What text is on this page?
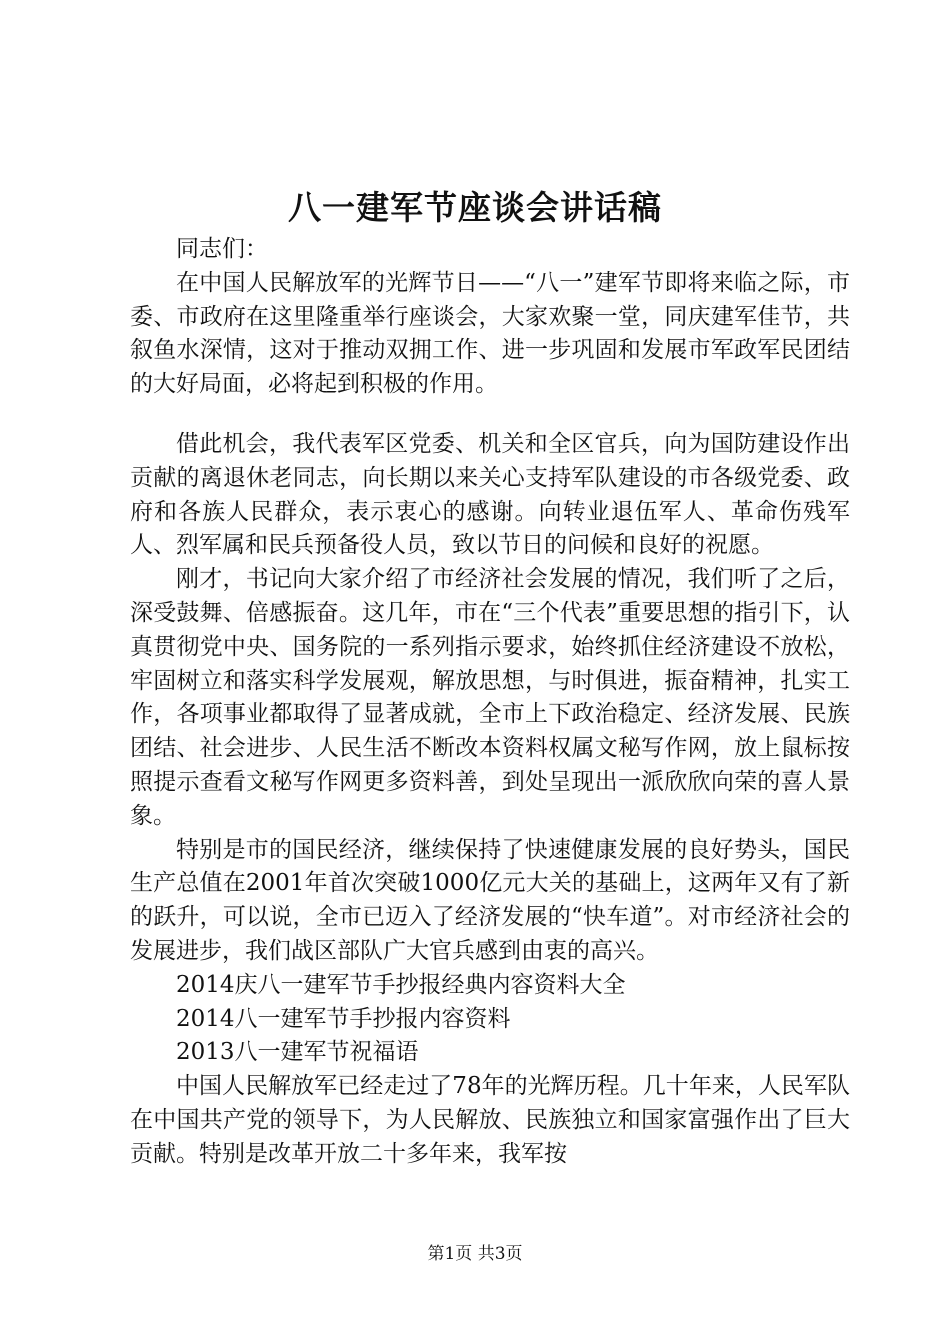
八一建军节座谈会讲话稿

同志们：

在中国人民解放军的光辉节日——“八一”建军节即将来临之际，市委、市政府在这里隆重举行座谈会，大家欢聚一堂，同庆建军佳节，共叙鱼水深情，这对于推动双拥工作、进一步巩固和发展市军政军民团结的大好局面，必将起到积极的作用。

借此机会，我代表军区党委、机关和全区官兵，向为国防建设作出贡献的离退休老同志，向长期以来关心支持军队建设的市各级党委、政府和各族人民群众，表示衷心的感谢。向转业退伍军人、革命伤残军人、烈军属和民兵预备役人员，致以节日的问候和良好的祝愿。

刚才，书记向大家介绍了市经济社会发展的情况，我们听了之后，深受鼓舞、倍感振奋。这几年，市在“三个代表”重要思想的指引下，认真贯彻党中央、国务院的一系列指示要求，始终抓住经济建设不放松，牢固树立和落实科学发展观，解放思想，与时俱进，振奋精神，扎实工作，各项事业都取得了显著成就，全市上下政治稳定、经济发展、民族团结、社会进步、人民生活不断改本资料权属文秘写作网，放上鼠标按照提示查看文秘写作网更多资料善，到处呈现出一派欣欣向荣的喜人景象。

特别是市的国民经济，继续保持了快速健康发展的良好势头，国民生产总值在2001年首次突破1000亿元大关的基础上，这两年又有了新的跃升，可以说，全市已迈入了经济发展的“快车道”。对市经济社会的发展进步，我们战区部队广大官兵感到由衷的高兴。

2014庆八一建军节手抄报经典内容资料大全

2014八一建军节手抄报内容资料

2013八一建军节祝福语

中国人民解放军已经走过了78年的光辉历程。几十年来，人民军队在中国共产党的领导下，为人民解放、民族独立和国家富强作出了巨大贡献。特别是改革开放二十多年来，我军按

第1页 共3页
